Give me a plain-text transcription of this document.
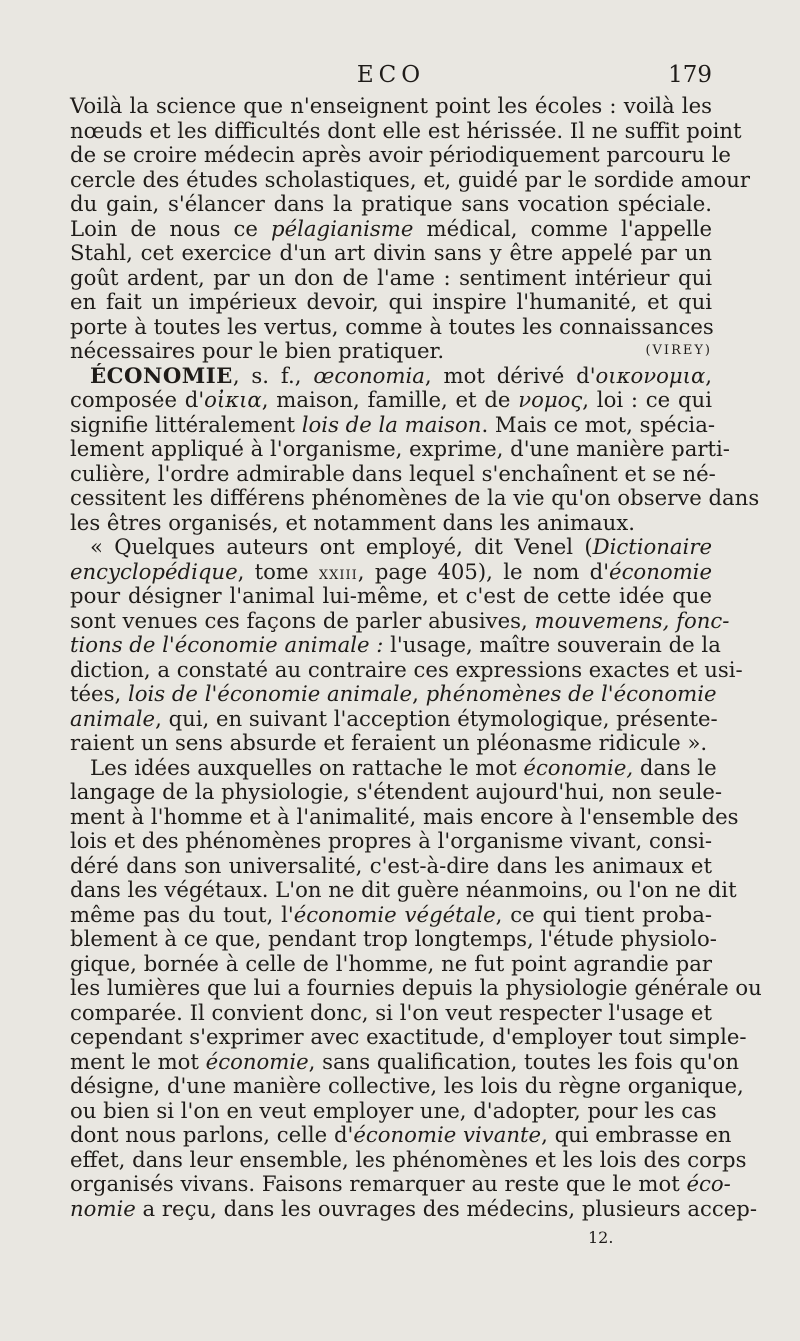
ECO	179
Voilà la science que n'enseignent point les écoles : voilà les
nœuds et les difficultés dont elle est hérissée. Il ne suffit point
de se croire médecin après avoir périodiquement parcouru le
cercle des études scholastiques, et, guidé par le sordide amour
du gain, s'élancer dans la pratique sans vocation spéciale.
Loin de nous ce pélagianisme médical, comme l'appelle
Stahl, cet exercice d'un art divin sans y être appelé par un
goût ardent, par un don de l'ame : sentiment intérieur qui
en fait un impérieux devoir, qui inspire l'humanité, et qui
porte à toutes les vertus, comme à toutes les connaissances
nécessaires pour le bien pratiquer.	(VIREY)
ÉCONOMIE, s. f., œconomia, mot dérivé d'οικονομια,
composée d'οἰκια, maison, famille, et de νομος, loi : ce qui
signifie littéralement lois de la maison. Mais ce mot, spécia-
lement appliqué à l'organisme, exprime, d'une manière parti-
culière, l'ordre admirable dans lequel s'enchaînent et se né-
cessitent les différens phénomènes de la vie qu'on observe dans
les êtres organisés, et notamment dans les animaux.
« Quelques auteurs ont employé, dit Venel (Dictionaire
encyclopédique, tome XXIII, page 405), le nom d'économie
pour désigner l'animal lui-même, et c'est de cette idée que
sont venues ces façons de parler abusives, mouvemens, fonc-
tions de l'économie animale : l'usage, maître souverain de la
diction, a constaté au contraire ces expressions exactes et usi-
tées, lois de l'économie animale, phénomènes de l'économie
animale, qui, en suivant l'acception étymologique, présente-
raient un sens absurde et feraient un pléonasme ridicule ».
Les idées auxquelles on rattache le mot économie, dans le
langage de la physiologie, s'étendent aujourd'hui, non seule-
ment à l'homme et à l'animalité, mais encore à l'ensemble des
lois et des phénomènes propres à l'organisme vivant, consi-
déré dans son universalité, c'est-à-dire dans les animaux et
dans les végétaux. L'on ne dit guère néanmoins, ou l'on ne dit
même pas du tout, l'économie végétale, ce qui tient proba-
blement à ce que, pendant trop longtemps, l'étude physiolo-
gique, bornée à celle de l'homme, ne fut point agrandie par
les lumières que lui a fournies depuis la physiologie générale ou
comparée. Il convient donc, si l'on veut respecter l'usage et
cependant s'exprimer avec exactitude, d'employer tout simple-
ment le mot économie, sans qualification, toutes les fois qu'on
désigne, d'une manière collective, les lois du règne organique,
ou bien si l'on en veut employer une, d'adopter, pour les cas
dont nous parlons, celle d'économie vivante, qui embrasse en
effet, dans leur ensemble, les phénomènes et les lois des corps
organisés vivans. Faisons remarquer au reste que le mot éco-
nomie a reçu, dans les ouvrages des médecins, plusieurs accep-
12.
